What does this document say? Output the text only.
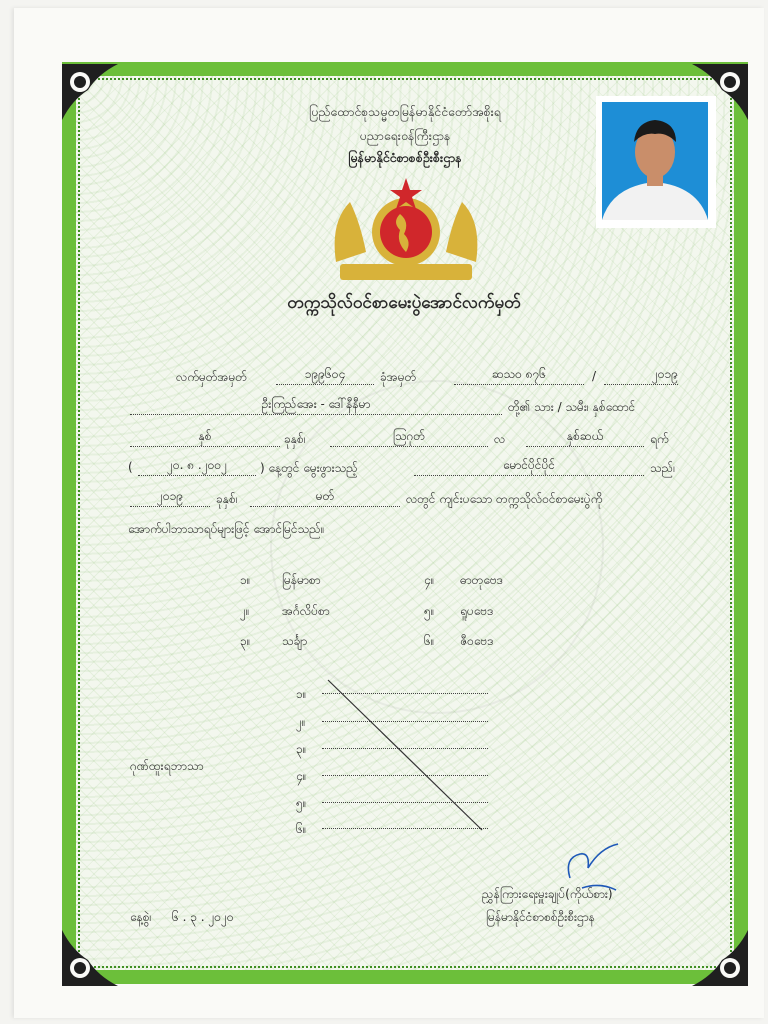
ပြည်ထောင်စုသမ္မတမြန်မာနိုင်ငံတော်အစိုးရ
ပညာရေးဝန်ကြီးဌာန
မြန်မာနိုင်ငံစာစစ်ဦးစီးဌာန
တက္ကသိုလ်ဝင်စာမေးပွဲအောင်လက်မှတ်
လက်မှတ်အမှတ်	၁၉၉၆၀၄	ခုံအမှတ်	ဆသဝ ၈၇၆	/	၂၀၁၉
ဦးကြည်အေး - ဒေါ်နီနီမာ	တို့၏ သား / သမီး၊ နှစ်ထောင်
နှစ်	ခုနှစ်၊	ဩဂုတ်	လ	နှစ်ဆယ်	ရက်
(	၂၀. ၈ .၂၀၀၂	) နေ့တွင် မွေးဖွားသည့်	မောင်ပိုင်ပိုင်	သည်၊
၂၀၁၉	ခုနှစ်၊	မတ်	လတွင် ကျင်းပသော တက္ကသိုလ်ဝင်စာမေးပွဲကို
အောက်ပါဘာသာရပ်များဖြင့် အောင်မြင်သည်။
၁။	မြန်မာစာ
၂။	အင်္ဂလိပ်စာ
၃။	သင်္ချာ
၄။ ဓာတုဗေဒ
၅။ ရူပဗေဒ
၆။ ဇီဝဗေဒ
ဂုဏ်ထူးရဘာသာ
၁။
၂။
၃။
၄။
၅။
၆။
နေ့စွဲ၊ ၆ . ၃ . ၂၀၂၀
ညွှန်ကြားရေးမှူးချုပ်(ကိုယ်စား)
မြန်မာနိုင်ငံစာစစ်ဦးစီးဌာန
